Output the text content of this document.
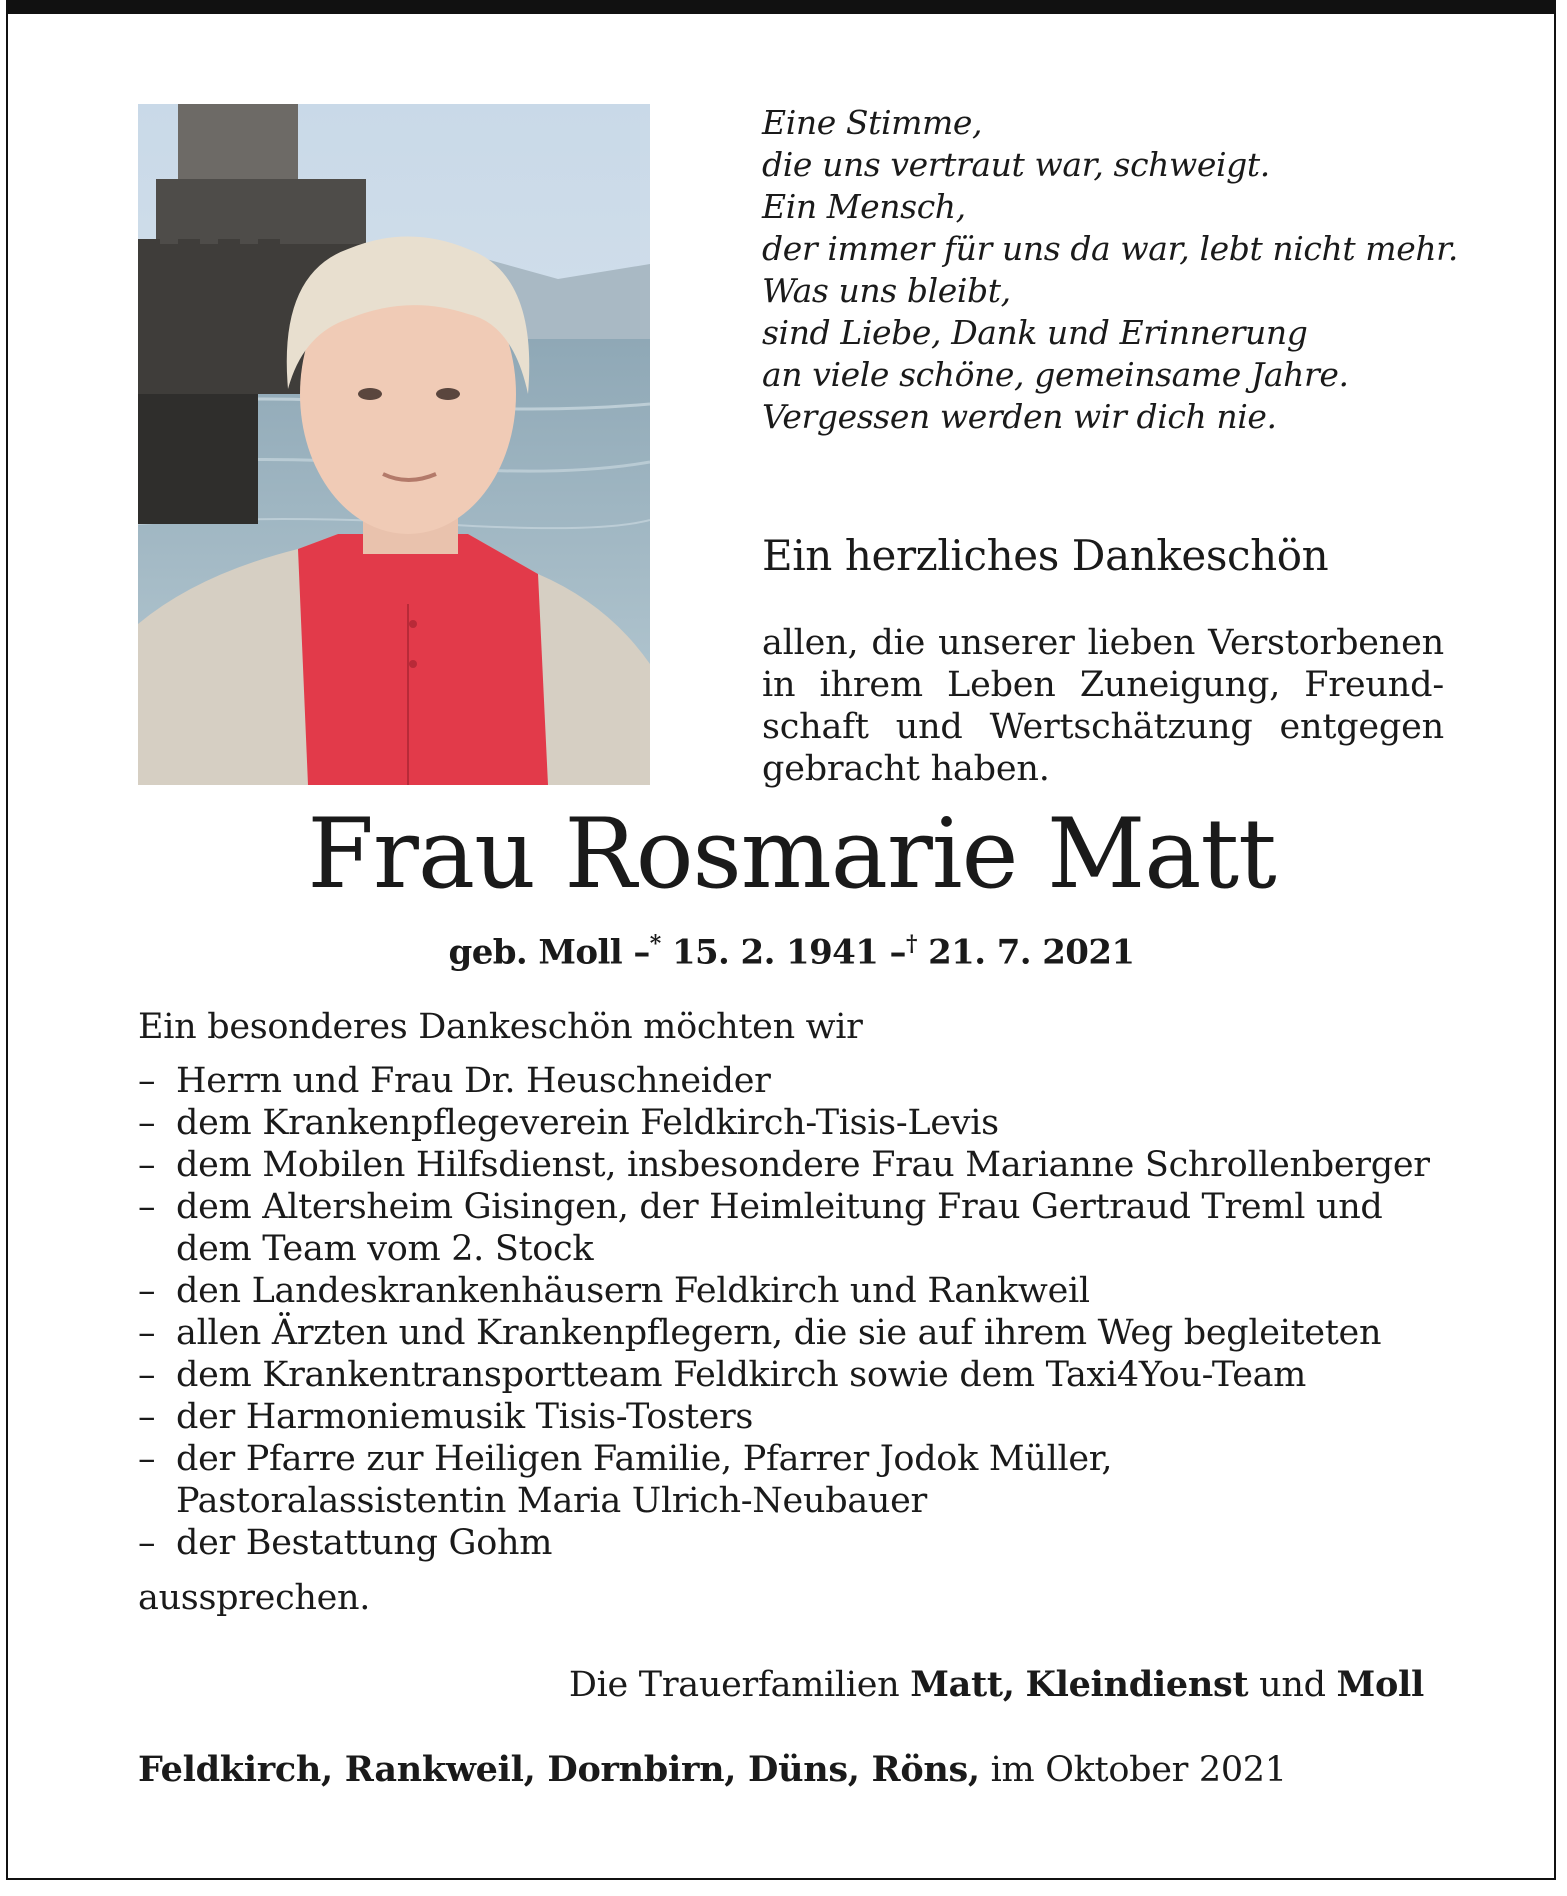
Eine Stimme,
die uns vertraut war, schweigt.
Ein Mensch,
der immer für uns da war, lebt nicht mehr.
Was uns bleibt,
sind Liebe, Dank und Erinnerung
an viele schöne, gemeinsame Jahre.
Vergessen werden wir dich nie.
Ein herzliches Dankeschön
allen, die unserer lieben Verstorbenen
in ihrem Leben Zuneigung, Freund-
schaft und Wertschätzung entgegen
gebracht haben.
Frau Rosmarie Matt
geb. Moll –* 15. 2. 1941 –† 21. 7. 2021
Ein besonderes Dankeschön möchten wir
– Herrn und Frau Dr. Heuschneider
– dem Krankenpflegeverein Feldkirch-Tisis-Levis
– dem Mobilen Hilfsdienst, insbesondere Frau Marianne Schrollenberger
– dem Altersheim Gisingen, der Heimleitung Frau Gertraud Treml und dem Team vom 2. Stock
– den Landeskrankenhäusern Feldkirch und Rankweil
– allen Ärzten und Krankenpflegern, die sie auf ihrem Weg begleiteten
– dem Krankentransportteam Feldkirch sowie dem Taxi4You-Team
– der Harmoniemusik Tisis-Tosters
– der Pfarre zur Heiligen Familie, Pfarrer Jodok Müller, Pastoralassistentin Maria Ulrich-Neubauer
– der Bestattung Gohm
aussprechen.
Die Trauerfamilien Matt, Kleindienst und Moll
Feldkirch, Rankweil, Dornbirn, Düns, Röns, im Oktober 2021
